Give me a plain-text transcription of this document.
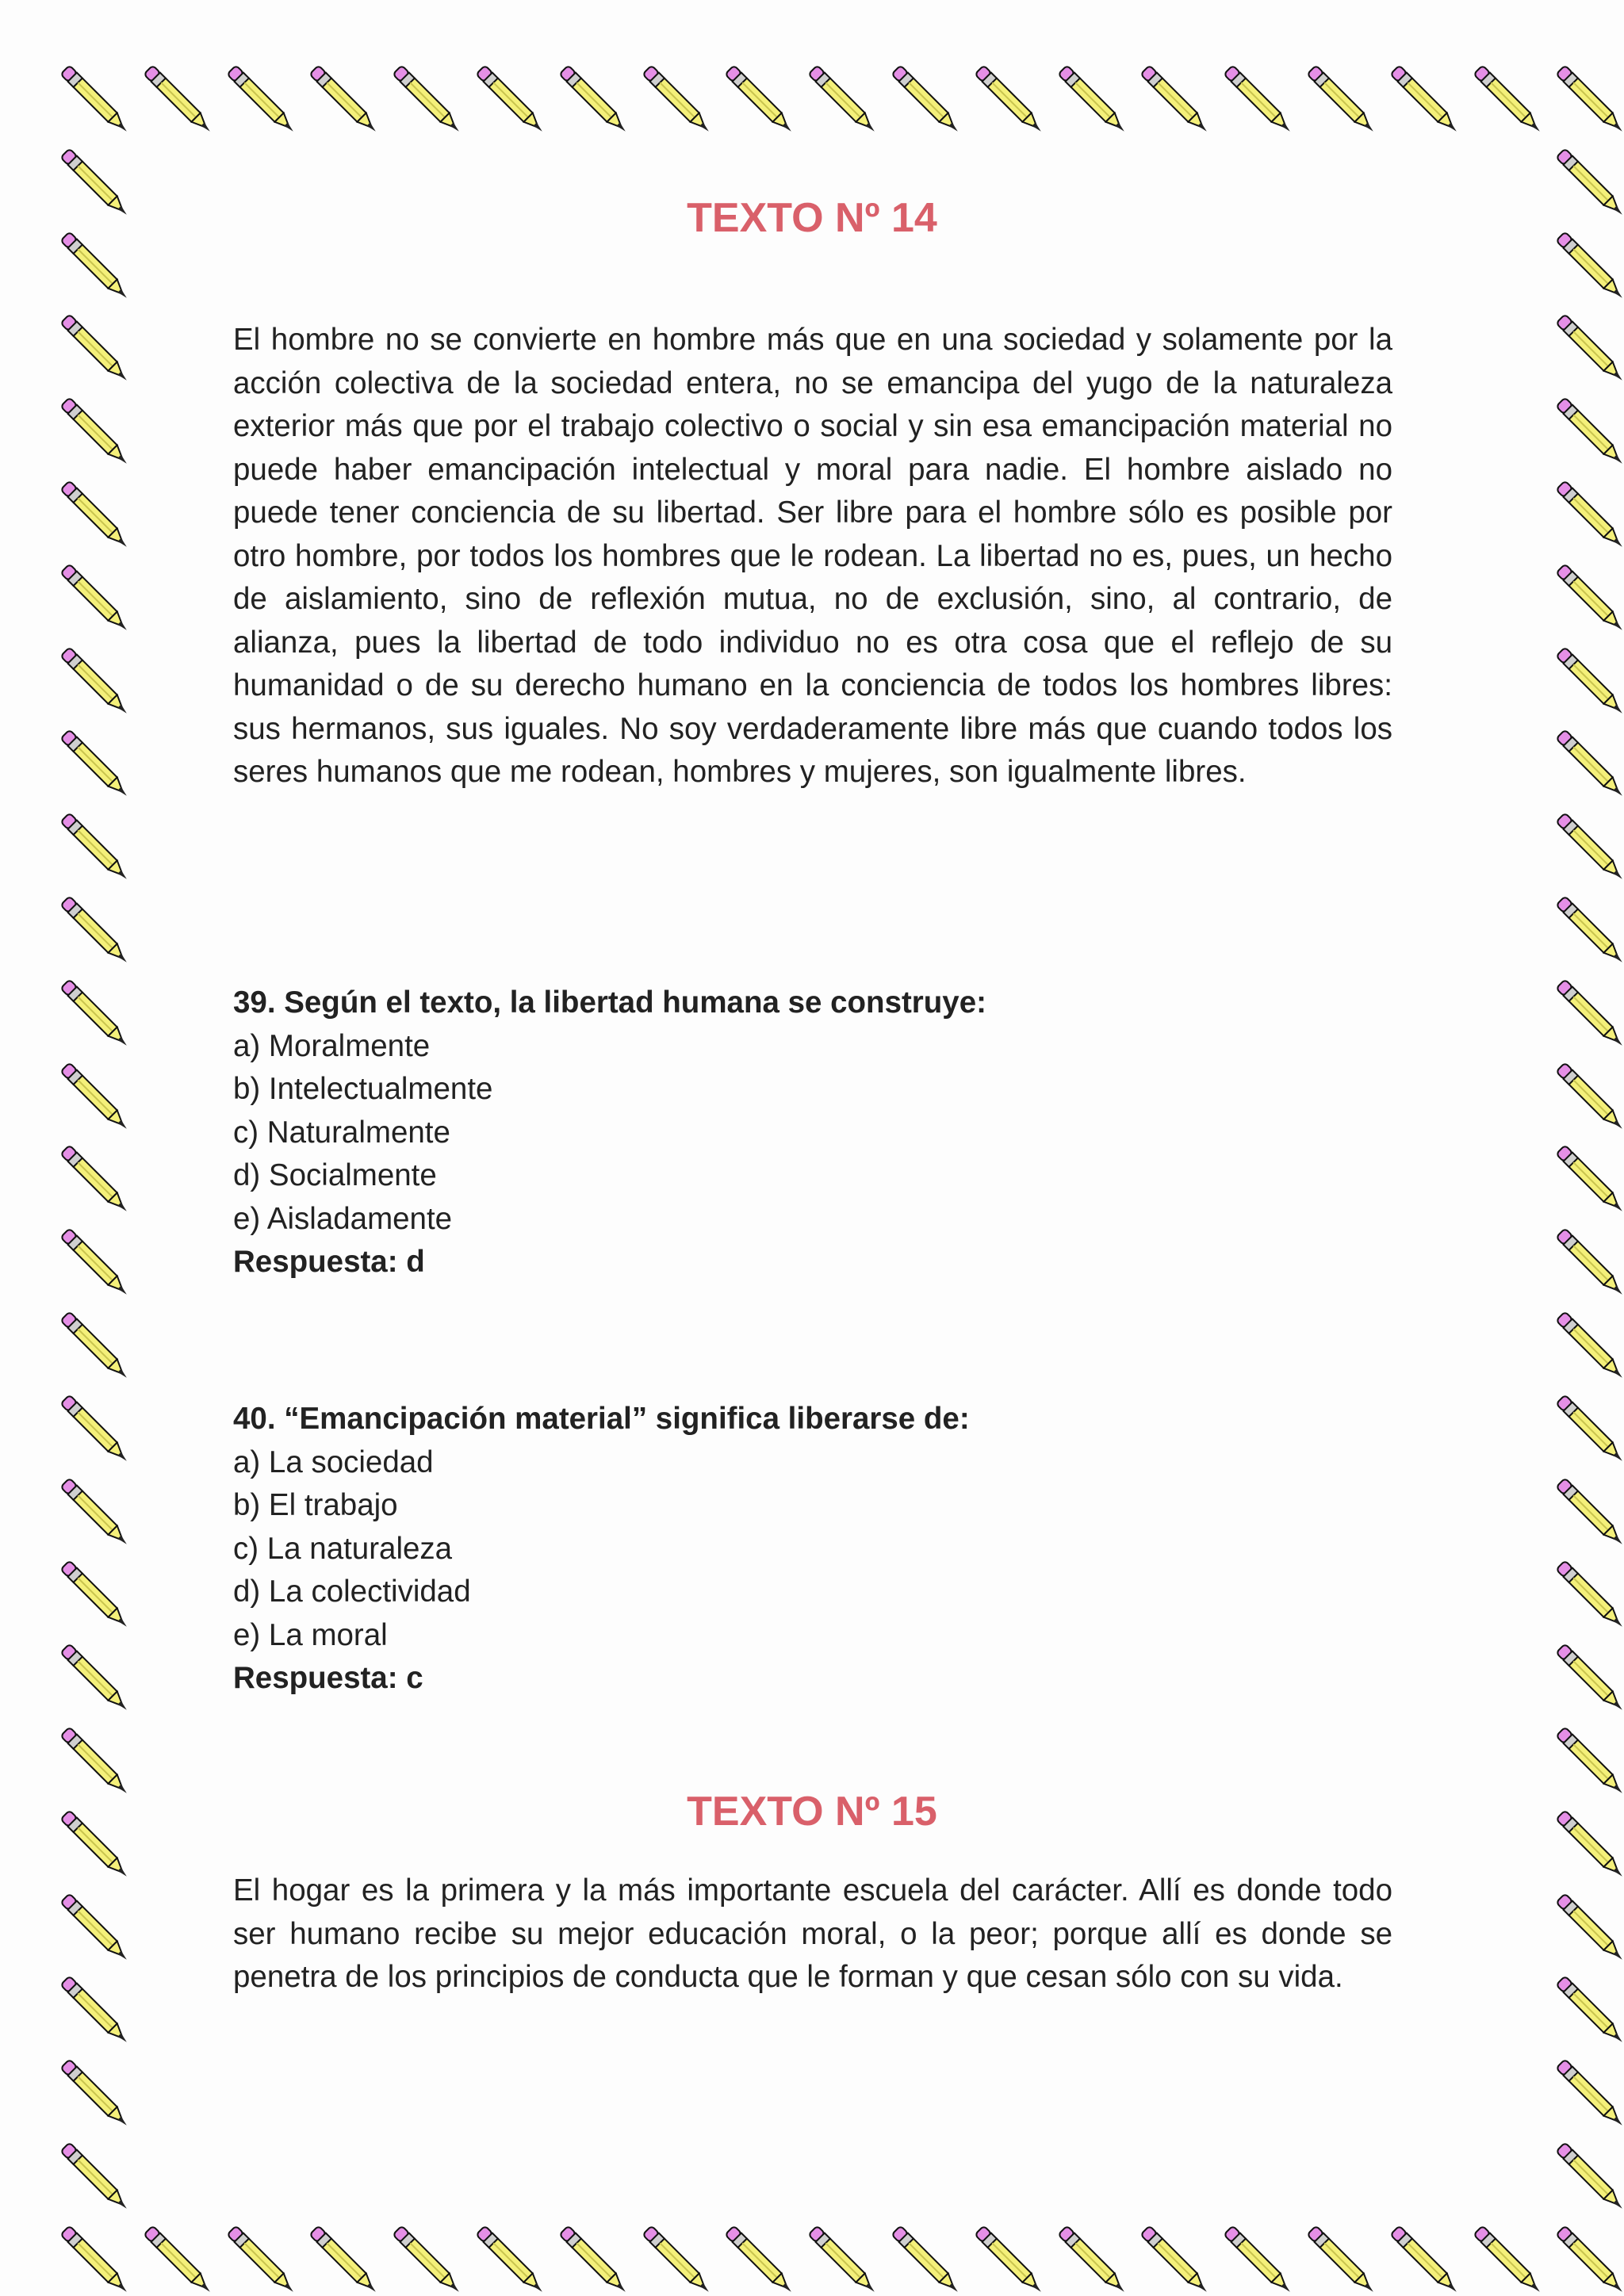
TEXTO Nº 14

El hombre no se convierte en hombre más que en una sociedad y solamente por la acción colectiva de la sociedad entera, no se emancipa del yugo de la naturaleza exterior más que por el trabajo colectivo o social y sin esa emancipación material no puede haber emancipación intelectual y moral para nadie. El hombre aislado no puede tener conciencia de su libertad. Ser libre para el hombre sólo es posible por otro hombre, por todos los hombres que le rodean. La libertad no es, pues, un hecho de aislamiento, sino de reflexión mutua, no de exclusión, sino, al contrario, de alianza, pues la libertad de todo individuo no es otra cosa que el reflejo de su humanidad o de su derecho humano en la conciencia de todos los hombres libres: sus hermanos, sus iguales. No soy verdaderamente libre más que cuando todos los seres humanos que me rodean, hombres y mujeres, son igualmente libres.

39. Según el texto, la libertad humana se construye:
a) Moralmente
b) Intelectualmente
c) Naturalmente
d) Socialmente
e) Aisladamente
Respuesta: d
40. “Emancipación material” significa liberarse de:
a) La sociedad
b) El trabajo
c) La naturaleza
d) La colectividad
e) La moral
Respuesta: c
TEXTO Nº 15

El hogar es la primera y la más importante escuela del carácter. Allí es donde todo ser humano recibe su mejor educación moral, o la peor; porque allí es donde se penetra de los principios de conducta que le forman y que cesan sólo con su vida.
